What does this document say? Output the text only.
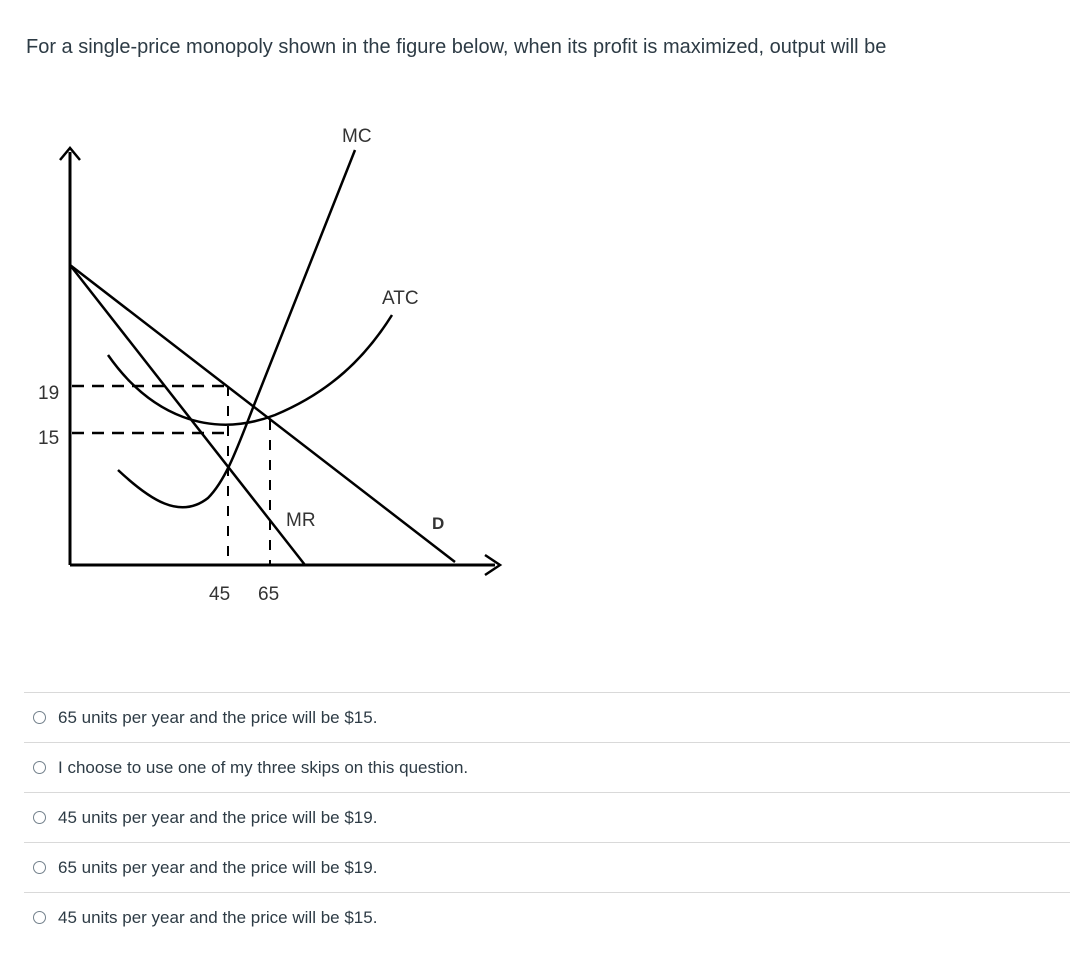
For a single-price monopoly shown in the figure below, when its profit is maximized, output will be
MC
ATC
MR	D
19
15
45 65
65 units per year and the price will be $15.
I choose to use one of my three skips on this question.
45 units per year and the price will be $19.
65 units per year and the price will be $19.
45 units per year and the price will be $15.
